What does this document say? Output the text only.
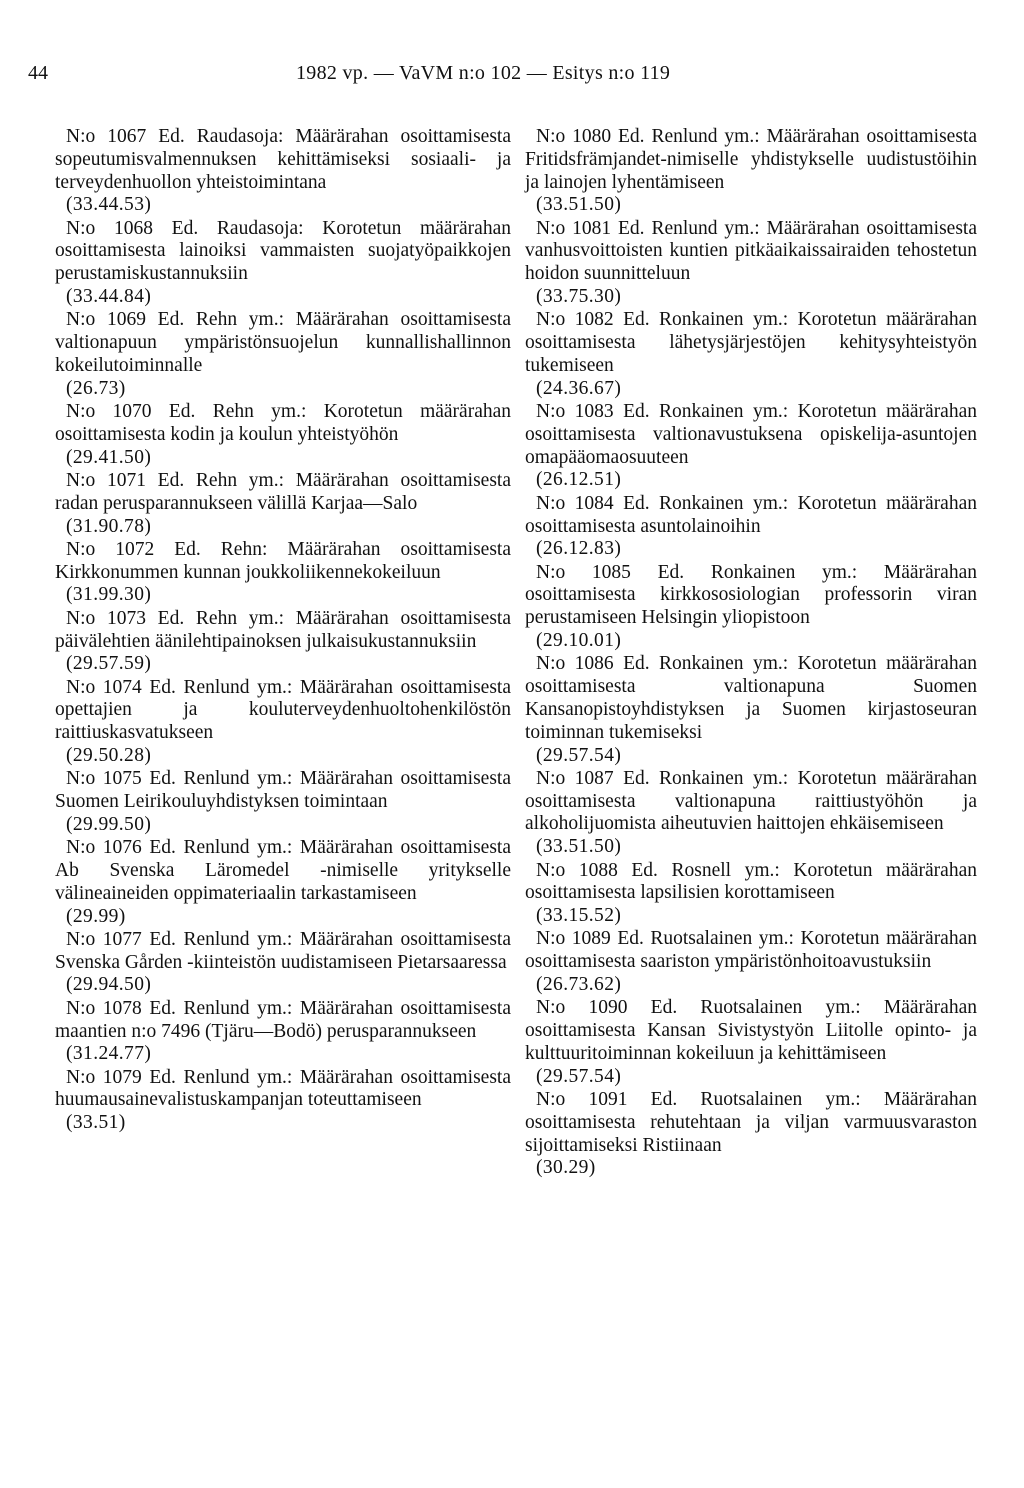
44	1982 vp. — VaVM n:o 102 — Esitys n:o 119
N:o 1067 Ed. Raudasoja: Määrärahan osoittamisesta sopeutumisvalmennuksen kehittämiseksi sosiaali- ja terveydenhuollon yhteistoimintana
(33.44.53)
N:o 1068 Ed. Raudasoja: Korotetun määrärahan osoittamisesta lainoiksi vammaisten suojatyöpaikkojen perustamiskustannuksiin
(33.44.84)
N:o 1069 Ed. Rehn ym.: Määrärahan osoittamisesta valtionapuun ympäristönsuojelun kunnallishallinnon kokeilutoiminnalle
(26.73)
N:o 1070 Ed. Rehn ym.: Korotetun määrärahan osoittamisesta kodin ja koulun yhteistyöhön
(29.41.50)
N:o 1071 Ed. Rehn ym.: Määrärahan osoittamisesta radan perusparannukseen välillä Karjaa—Salo
(31.90.78)
N:o 1072 Ed. Rehn: Määrärahan osoittamisesta Kirkkonummen kunnan joukkoliikennekokeiluun
(31.99.30)
N:o 1073 Ed. Rehn ym.: Määrärahan osoittamisesta päivälehtien äänilehtipainoksen julkaisukustannuksiin
(29.57.59)
N:o 1074 Ed. Renlund ym.: Määrärahan osoittamisesta opettajien ja kouluterveydenhuoltohenkilöstön raittiuskasvatukseen
(29.50.28)
N:o 1075 Ed. Renlund ym.: Määrärahan osoittamisesta Suomen Leirikouluyhdistyksen toimintaan
(29.99.50)
N:o 1076 Ed. Renlund ym.: Määrärahan osoittamisesta Ab Svenska Läromedel -nimiselle yritykselle välineaineiden oppimateriaalin tarkastamiseen
(29.99)
N:o 1077 Ed. Renlund ym.: Määrärahan osoittamisesta Svenska Gården -kiinteistön uudistamiseen Pietarsaaressa
(29.94.50)
N:o 1078 Ed. Renlund ym.: Määrärahan osoittamisesta maantien n:o 7496 (Tjäru—Bodö) perusparannukseen
(31.24.77)
N:o 1079 Ed. Renlund ym.: Määrärahan osoittamisesta huumausainevalistuskampanjan toteuttamiseen
(33.51)
N:o 1080 Ed. Renlund ym.: Määrärahan osoittamisesta Fritidsfrämjandet-nimiselle yhdistykselle uudistustöihin ja lainojen lyhentämiseen
(33.51.50)
N:o 1081 Ed. Renlund ym.: Määrärahan osoittamisesta vanhusvoittoisten kuntien pitkäaikaissairaiden tehostetun hoidon suunnitteluun
(33.75.30)
N:o 1082 Ed. Ronkainen ym.: Korotetun määrärahan osoittamisesta lähetysjärjestöjen kehitysyhteistyön tukemiseen
(24.36.67)
N:o 1083 Ed. Ronkainen ym.: Korotetun määrärahan osoittamisesta valtionavustuksena opiskelija-asuntojen omapääomaosuuteen
(26.12.51)
N:o 1084 Ed. Ronkainen ym.: Korotetun määrärahan osoittamisesta asuntolainoihin
(26.12.83)
N:o 1085 Ed. Ronkainen ym.: Määrärahan osoittamisesta kirkkososiologian professorin viran perustamiseen Helsingin yliopistoon
(29.10.01)
N:o 1086 Ed. Ronkainen ym.: Korotetun määrärahan osoittamisesta valtionapuna Suomen Kansanopistoyhdistyksen ja Suomen kirjastoseuran toiminnan tukemiseksi
(29.57.54)
N:o 1087 Ed. Ronkainen ym.: Korotetun määrärahan osoittamisesta valtionapuna raittiustyöhön ja alkoholijuomista aiheutuvien haittojen ehkäisemiseen
(33.51.50)
N:o 1088 Ed. Rosnell ym.: Korotetun määrärahan osoittamisesta lapsilisien korottamiseen
(33.15.52)
N:o 1089 Ed. Ruotsalainen ym.: Korotetun määrärahan osoittamisesta saariston ympäristönhoitoavustuksiin
(26.73.62)
N:o 1090 Ed. Ruotsalainen ym.: Määrärahan osoittamisesta Kansan Sivistystyön Liitolle opinto- ja kulttuuritoiminnan kokeiluun ja kehittämiseen
(29.57.54)
N:o 1091 Ed. Ruotsalainen ym.: Määrärahan osoittamisesta rehutehtaan ja viljan varmuusvaraston sijoittamiseksi Ristiinaan
(30.29)
